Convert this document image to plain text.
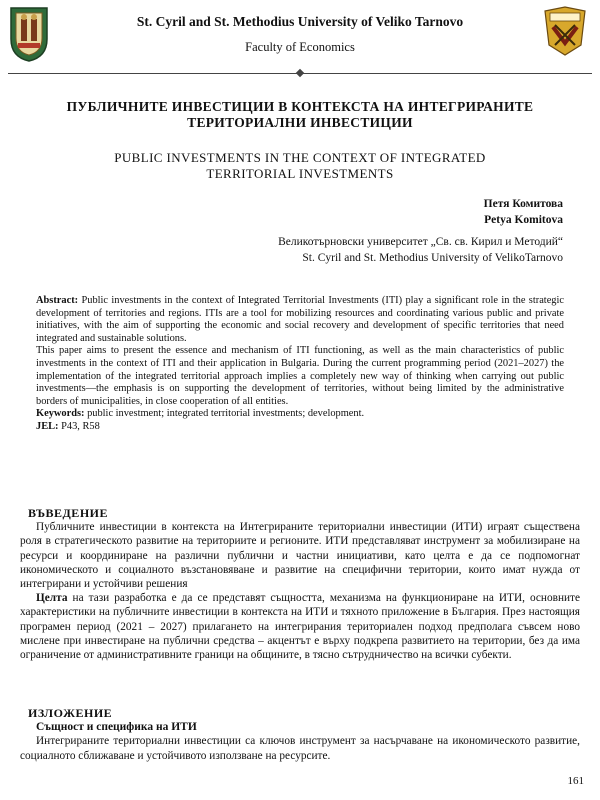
St. Cyril and St. Methodius University of Veliko Tarnovo
Faculty of Economics
ПУБЛИЧНИТЕ ИНВЕСТИЦИИ В КОНТЕКСТА НА ИНТЕГРИРАНИТЕ
ТЕРИТОРИАЛНИ ИНВЕСТИЦИИ
PUBLIC INVESTMENTS IN THE CONTEXT OF INTEGRATED
TERRITORIAL INVESTMENTS
Петя Комитова
Petya Komitova
Великотърновски университет „Св. св. Кирил и Методий“
St. Cyril and St. Methodius University of VelikoTarnovo

Abstract: Public investments in the context of Integrated Territorial Investments (ITI) play a significant role in the strategic development of territories and regions. ITIs are a tool for mobilizing resources and coordinating various public and private initiatives, with the aim of supporting the economic and social recovery and development of specific territories that need integrated and sustainable solutions.

This paper aims to present the essence and mechanism of ITI functioning, as well as the main characteristics of public investments in the context of ITI and their application in Bulgaria. During the current programming period (2021–2027) the implementation of the integrated territorial approach implies a completely new way of thinking when carrying out public investments—the emphasis is on supporting the development of territories, without being limited by the administrative borders of municipalities, in close cooperation of all entities.

Keywords: public investment; integrated territorial investments; development.

JEL: P43, R58

ВЪВЕДЕНИЕ

Публичните инвестиции в контекста на Интегрираните териториални инвестиции (ИТИ) играят съществена роля в стратегическото развитие на териториите и регионите. ИТИ представляват инструмент за мобилизиране на ресурси и координиране на различни публични и частни инициативи, като целта е да се подпомогнат икономическото и социалното възстановяване и развитие на специфични територии, които имат нужда от интегрирани и устойчиви решения

Целта на тази разработка е да се представят същността, механизма на функциониране на ИТИ, основните характеристики на публичните инвестиции в контекста на ИТИ и тяхното приложение в България. През настоящия програмен период (2021 – 2027) прилагането на интегрирания териториален подход предполага съвсем ново мислене при инвестиране на публични средства – акцентът е върху подкрепа развитието на територии, без да има ограничение от административните граници на общините, в тясно сътрудничество на всички субекти.

ИЗЛОЖЕНИЕ
Същност и специфика на ИТИ

Интегрираните териториални инвестиции са ключов инструмент за насърчаване на икономическото развитие, социалното сближаване и устойчивото използване на ресурсите.

161
